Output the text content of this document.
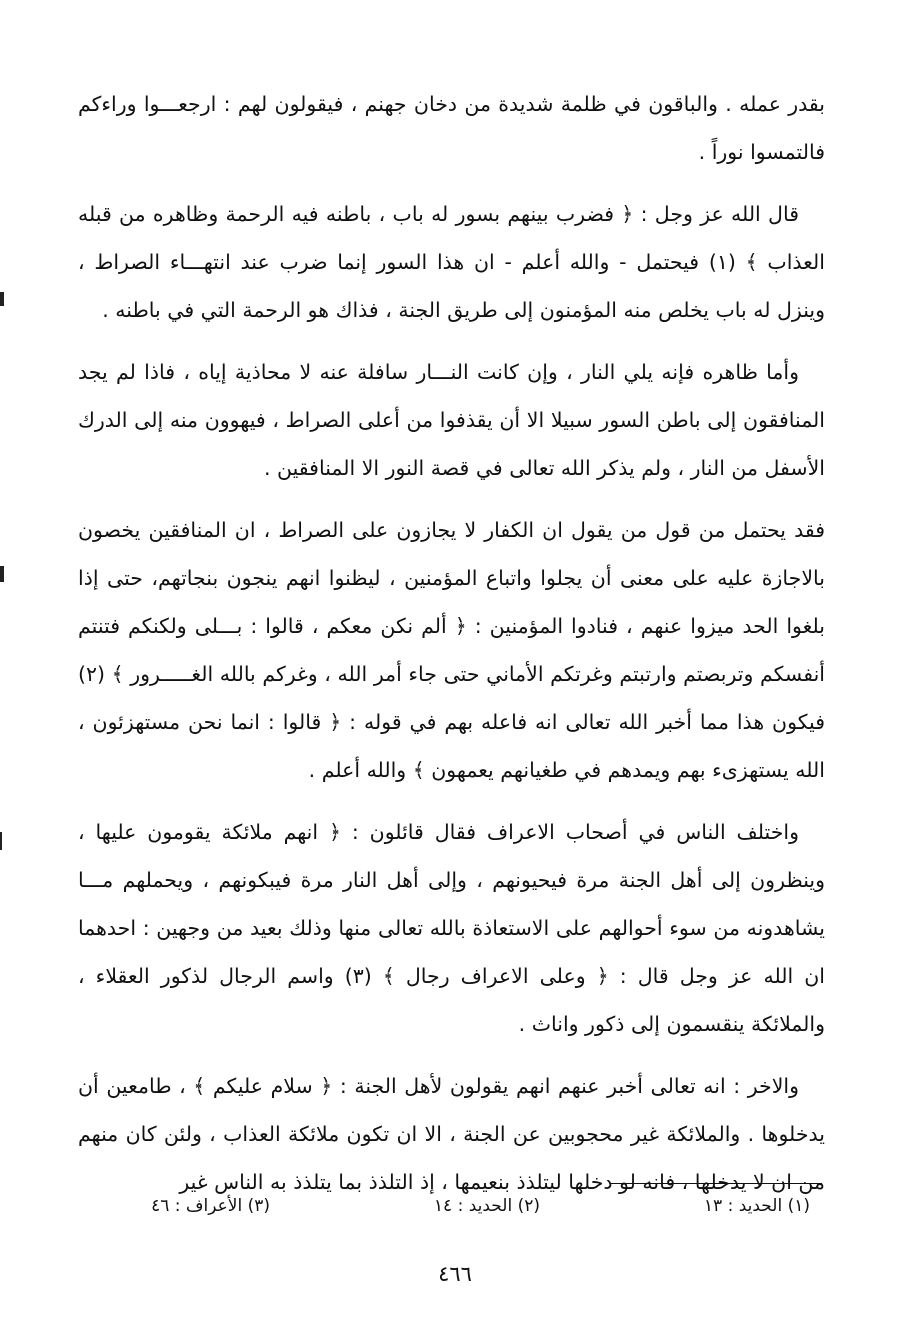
بقدر عمله . والباقون في ظلمة شديدة من دخان جهنم ، فيقولون لهم : ارجعـــوا وراءكم فالتمسوا نوراً .

قال الله عز وجل : ﴿ فضرب بينهم بسور له باب ، باطنه فيه الرحمة وظاهره من قبله العذاب ﴾ (١) فيحتمل - والله أعلم - ان هذا السور إنما ضرب عند انتهـــاء الصراط ، وينزل له باب يخلص منه المؤمنون إلى طريق الجنة ، فذاك هو الرحمة التي في باطنه .

وأما ظاهره فإنه يلي النار ، وإن كانت النـــار سافلة عنه لا محاذية إياه ، فاذا لم يجد المنافقون إلى باطن السور سبيلا الا أن يقذفوا من أعلى الصراط ، فيهوون منه إلى الدرك الأسفل من النار ، ولم يذكر الله تعالى في قصة النور الا المنافقين .

فقد يحتمل من قول من يقول ان الكفار لا يجازون على الصراط ، ان المنافقين يخصون بالاجازة عليه على معنى أن يجلوا واتباع المؤمنين ، ليظنوا انهم ينجون بنجاتهم، حتى إذا بلغوا الحد ميزوا عنهم ، فنادوا المؤمنين : ﴿ ألم نكن معكم ، قالوا : بـــلى ولكنكم فتنتم أنفسكم وتربصتم وارتبتم وغرتكم الأماني حتى جاء أمر الله ، وغركم بالله الغـــــرور ﴾ (٢) فيكون هذا مما أخبر الله تعالى انه فاعله بهم في قوله : ﴿ قالوا : انما نحن مستهزئون ، الله يستهزىء بهم ويمدهم في طغيانهم يعمهون ﴾ والله أعلم .

واختلف الناس في أصحاب الاعراف فقال قائلون : ﴿ انهم ملائكة يقومون عليها ، وينظرون إلى أهل الجنة مرة فيحيونهم ، وإلى أهل النار مرة فيبكونهم ، ويحملهم مـــا يشاهدونه من سوء أحوالهم على الاستعاذة بالله تعالى منها وذلك بعيد من وجهين : احدهما ان الله عز وجل قال : ﴿ وعلى الاعراف رجال ﴾ (٣) واسم الرجال لذكور العقلاء ، والملائكة ينقسمون إلى ذكور واناث .

والاخر : انه تعالى أخبر عنهم انهم يقولون لأهل الجنة : ﴿ سلام عليكم ﴾ ، طامعين أن يدخلوها . والملائكة غير محجوبين عن الجنة ، الا ان تكون ملائكة العذاب ، ولئن كان منهم من ان لا يدخلها ، فانه لو دخلها ليتلذذ بنعيمها ، إذ التلذذ بما يتلذذ به الناس غير

(١) الحديد : ١٣
(٢) الحديد : ١٤
(٣) الأعراف : ٤٦
٤٦٦
